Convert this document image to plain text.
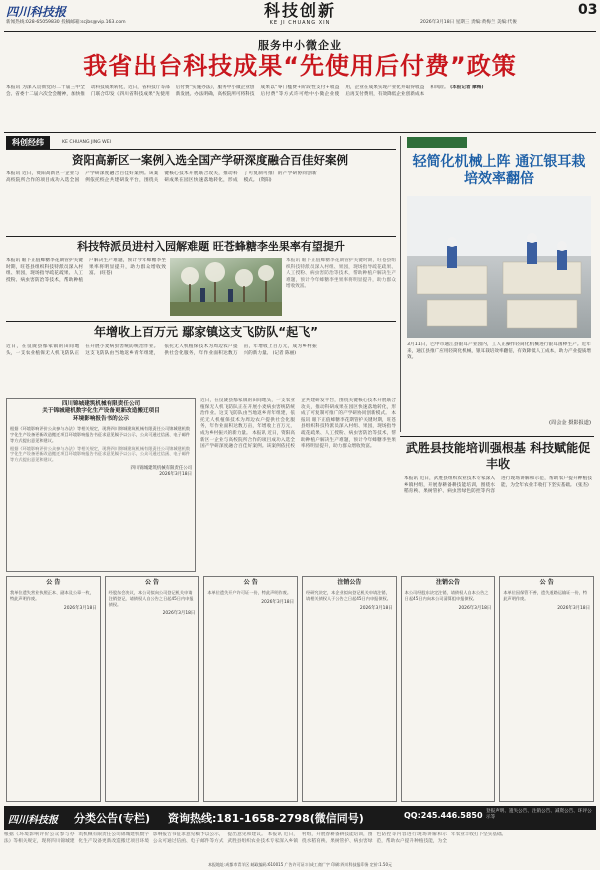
四川科技报
新闻热线:028-65059830 投稿邮箱:scjbs@vip.163.com
科技创新
KE JI CHUANG XIN	2026年3月18日 星期三 责编:黄梅兰 美编:代俊
03
服务中小微企业
我省出台科技成果“先使用后付费”政策
本报讯 为深入贯彻党的二十届三中全会、省委十二届六次全会精神，加快推动科技成果转化，近日，省科技厅等部门联合印发《四川省科技成果“先使用后付费”实施办法》，服务中小微企业创新发展。办法明确，高校院所可将科技成果以“零门槛费+阶段性支付+收益后付费”等方式许可给中小微企业使用，企业在成果实现产业化并取得收益后再支付费用，有效降低企业创新成本和风险。 (本报记者 摩梅)
科创经纬	KE CHUANG JING WEI
资阳高新区一案例入选全国产学研深度融合百佳好案例
本报讯 近日，资阳高新区一企业与高校院所合作的项目成功入选全国产学研深度融合百佳好案例。该案例依托校企共建研发平台，围绕关键核心技术开展联合攻关，推动科研成果在园区快速落地转化，形成了可复制可推广的产学研协同创新模式。 (资阳)
科技特派员进村入园解难题 旺苍蜂糖李坐果率有望提升
本报讯 眼下正值蜂糖李花期管护关键时期，旺苍县组织科技特派员深入村组、果园，现场指导疏花疏果、人工授粉、病虫害防治等技术，帮助种植户解决生产难题，预计今年蜂糖李坐果率将明显提升，助力群众增收致富。 (旺苍)
本报讯 眼下正值蜂糖李花期管护关键时期，旺苍县组织科技特派员深入村组、果园，现场指导疏花疏果、人工授粉、病虫害防治等技术，帮助种植户解决生产难题，预计今年蜂糖李坐果率将明显提升，助力群众增收致富。
年增收上百万元 鄢家镇这支飞防队“起飞”
近日，在仪陇县鄢家镇的田间地头，一支农业植保无人机飞防队正在开展小麦病虫害统防统治作业。这支飞防队由当地返乡青年组建，依托无人机植保技术为周边农户提供社会化服务，年作业面积达数万亩，年增收上百万元，成为乡村振兴的新力量。 (记者 陈丽)
四川锦城建筑机械有限责任公司
关于锦城建机数字化生产设备更新改造搬迁项目
环境影响报告书的公示
根据《环境影响评价公众参与办法》等相关规定，现将四川锦城建筑机械有限责任公司锦城建机数字化生产设备更新改造搬迁项目环境影响报告书征求意见稿予以公示，公众可通过信函、电子邮件等方式提出意见和建议。
根据《环境影响评价公众参与办法》等相关规定，现将四川锦城建筑机械有限责任公司锦城建机数字化生产设备更新改造搬迁项目环境影响报告书征求意见稿予以公示，公众可通过信函、电子邮件等方式提出意见和建议。
四川锦城建筑机械有限责任公司
2026年3月18日
近日，在仪陇县鄢家镇的田间地头，一支农业植保无人机飞防队正在开展小麦病虫害统防统治作业。这支飞防队由当地返乡青年组建，依托无人机植保技术为周边农户提供社会化服务，年作业面积达数万亩，年增收上百万元，成为乡村振兴的新力量。 本报讯 近日，资阳高新区一企业与高校院所合作的项目成功入选全国产学研深度融合百佳好案例。该案例依托校企共建研发平台，围绕关键核心技术开展联合攻关，推动科研成果在园区快速落地转化，形成了可复制可推广的产学研协同创新模式。 本报讯 眼下正值蜂糖李花期管护关键时期，旺苍县组织科技特派员深入村组、果园，现场指导疏花疏果、人工授粉、病虫害防治等技术，帮助种植户解决生产难题，预计今年蜂糖李坐果率将明显提升，助力群众增收致富。
轻简化机械上阵 通江银耳栽培效率翻倍
3月11日，巴中市通江县银耳产业园内，工人正操作轻简化机械进行银耳菌棒生产。近年来，通江县推广应用轻简化机械，银耳栽培效率翻倍，有效降低人工成本，助力产业提质增效。
(周会金 摄影报道)
武胜县技能培训强根基 科技赋能促丰收
本报讯 近日，武胜县组织农业技术专家深入乡镇村组，开展春耕备耕技能培训，围绕水稻育秧、果树管护、病虫害绿色防控等内容进行现场讲解和示范，帮助农户提升种植技能，为全年农业丰收打下坚实基础。 (张杰)
公 告
我单位遗失营业执照正本、副本及公章一枚，特此声明作废。
2026年3月18日
公 告
经股东会决议，本公司拟向公司登记机关申请注销登记，请债权人自公告之日起45日内申报债权。
2026年3月18日
公 告
本单位遗失开户许可证一份，特此声明作废。
2026年3月18日
注销公告
经研究决定，本企业拟向登记机关申请注销，请相关债权人于公告之日起45日内申报债权。
2026年3月18日
注销公告
本公司经股东决定注销，请债权人自本公告之日起45日内向本公司清算组申报债权。
2026年3月18日
公 告
本单位因保管不善，遗失道路运输证一份，特此声明作废。
2026年3月18日
四川科技报 分类公告(专栏) 资询热线:181-1658-2798(微信同号)	QQ:245.446.5850 登报声明、遗失公告、注销公告、减资公告、环评公示等
根据《环境影响评价公众参与办法》等相关规定，现将四川锦城建筑机械有限责任公司锦城建机数字化生产设备更新改造搬迁项目环境影响报告书征求意见稿予以公示，公众可通过信函、电子邮件等方式提出意见和建议。 本报讯 近日，武胜县组织农业技术专家深入乡镇村组，开展春耕备耕技能培训，围绕水稻育秧、果树管护、病虫害绿色防控等内容进行现场讲解和示范，帮助农户提升种植技能，为全年农业丰收打下坚实基础。
本报地址:成都市青羊区 邮政编码:610015 广告许可证:川成工商广字 印刷:四川科技报印务 定价:1.50元
